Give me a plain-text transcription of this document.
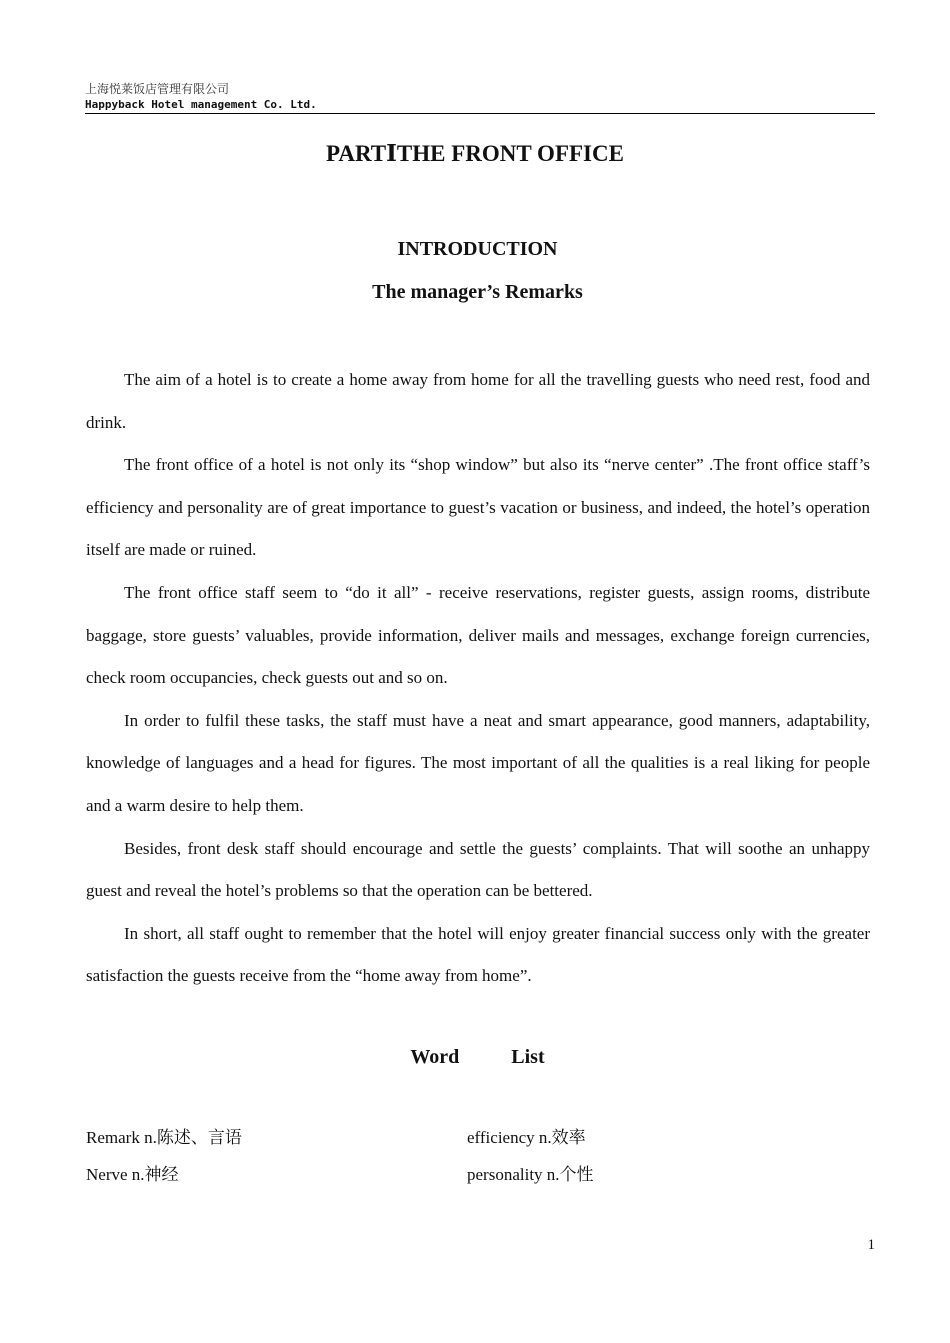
上海悦莱饭店管理有限公司
Happyback Hotel management Co. Ltd.
PARTⅠTHE FRONT OFFICE
INTRODUCTION
The manager’s Remarks

The aim of a hotel is to create a home away from home for all the travelling guests who need rest, food and drink.

The front office of a hotel is not only its “shop window” but also its “nerve center” .The front office staff’s efficiency and personality are of great importance to guest’s vacation or business, and indeed, the hotel’s operation itself are made or ruined.

The front office staff seem to “do it all” - receive reservations, register guests, assign rooms, distribute baggage, store guests’ valuables, provide information, deliver mails and messages, exchange foreign currencies, check room occupancies, check guests out and so on.

In order to fulfil these tasks, the staff must have a neat and smart appearance, good manners, adaptability, knowledge of languages and a head for figures. The most important of all the qualities is a real liking for people and a warm desire to help them.

Besides, front desk staff should encourage and settle the guests’ complaints. That will soothe an unhappy guest and reveal the hotel’s problems so that the operation can be bettered.

In short, all staff ought to remember that the hotel will enjoy greater financial success only with the greater satisfaction the guests receive from the “home away from home”.

Word	List
Remark n.陈述、言语	efficiency n.效率
Nerve n.神经	personality n.个性
1
